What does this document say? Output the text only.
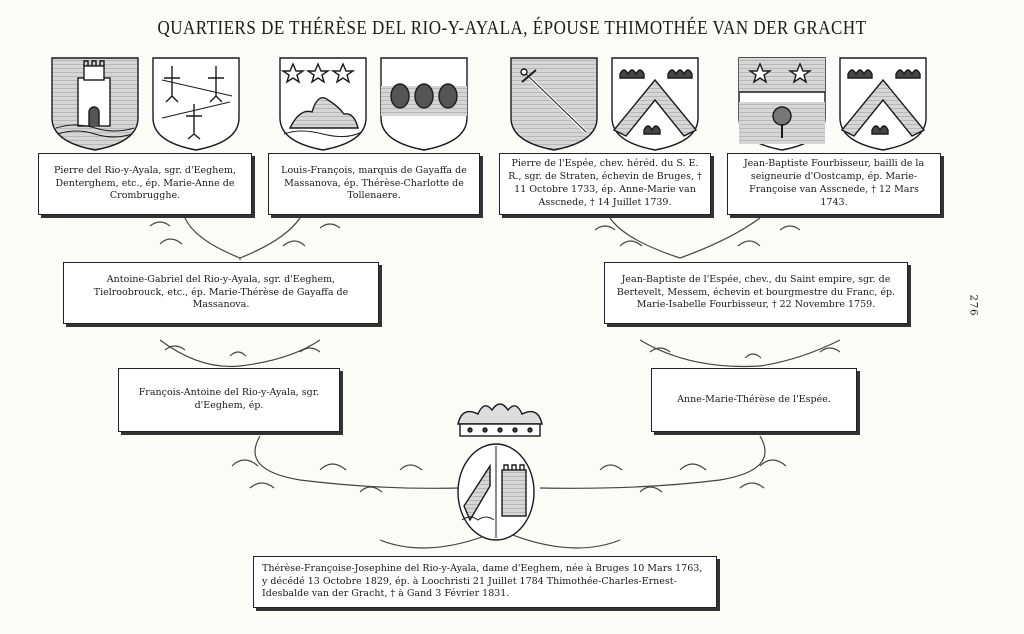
QUARTIERS DE THÉRÈSE DEL RIO-Y-AYALA, ÉPOUSE THIMOTHÉE VAN DER GRACHT
Pierre del Rio-y-Ayala, sgr. d'Eeghem, Denterghem, etc., ép. Marie-Anne de Crombrugghe.
Louis-François, marquis de Gayaffa de Massanova, ép. Thérèse-Charlotte de Tollenaere.
Pierre de l'Espée, chev. héréd. du S. E. R., sgr. de Straten, échevin de Bruges, † 11 Octobre 1733, ép. Anne-Marie van Asscnede, † 14 Juillet 1739.
Jean-Baptiste Fourbisseur, bailli de la seigneurie d'Oostcamp, ép. Marie-Françoise van Asscnede, † 12 Mars 1743.
Antoine-Gabriel del Rio-y-Ayala, sgr. d'Eeghem, Tielroobrouck, etc., ép. Marie-Thérèse de Gayaffa de Massanova.
Jean-Baptiste de l'Espée, chev., du Saint empire, sgr. de Bertevelt, Messem, échevin et bourgmestre du Franc, ép. Marie-Isabelle Fourbisseur, † 22 Novembre 1759.
François-Antoine del Rio-y-Ayala, sgr. d'Eeghem, ép.
Anne-Marie-Thérèse de l'Espée.
Thérèse-Françoise-Josephine del Rio-y-Ayala, dame d'Eeghem, née à Bruges 10 Mars 1763, y décédé 13 Octobre 1829, ép. à Loochristi 21 Juillet 1784 Thimothée-Charles-Ernest-Idesbalde van der Gracht, † à Gand 3 Février 1831.
276
